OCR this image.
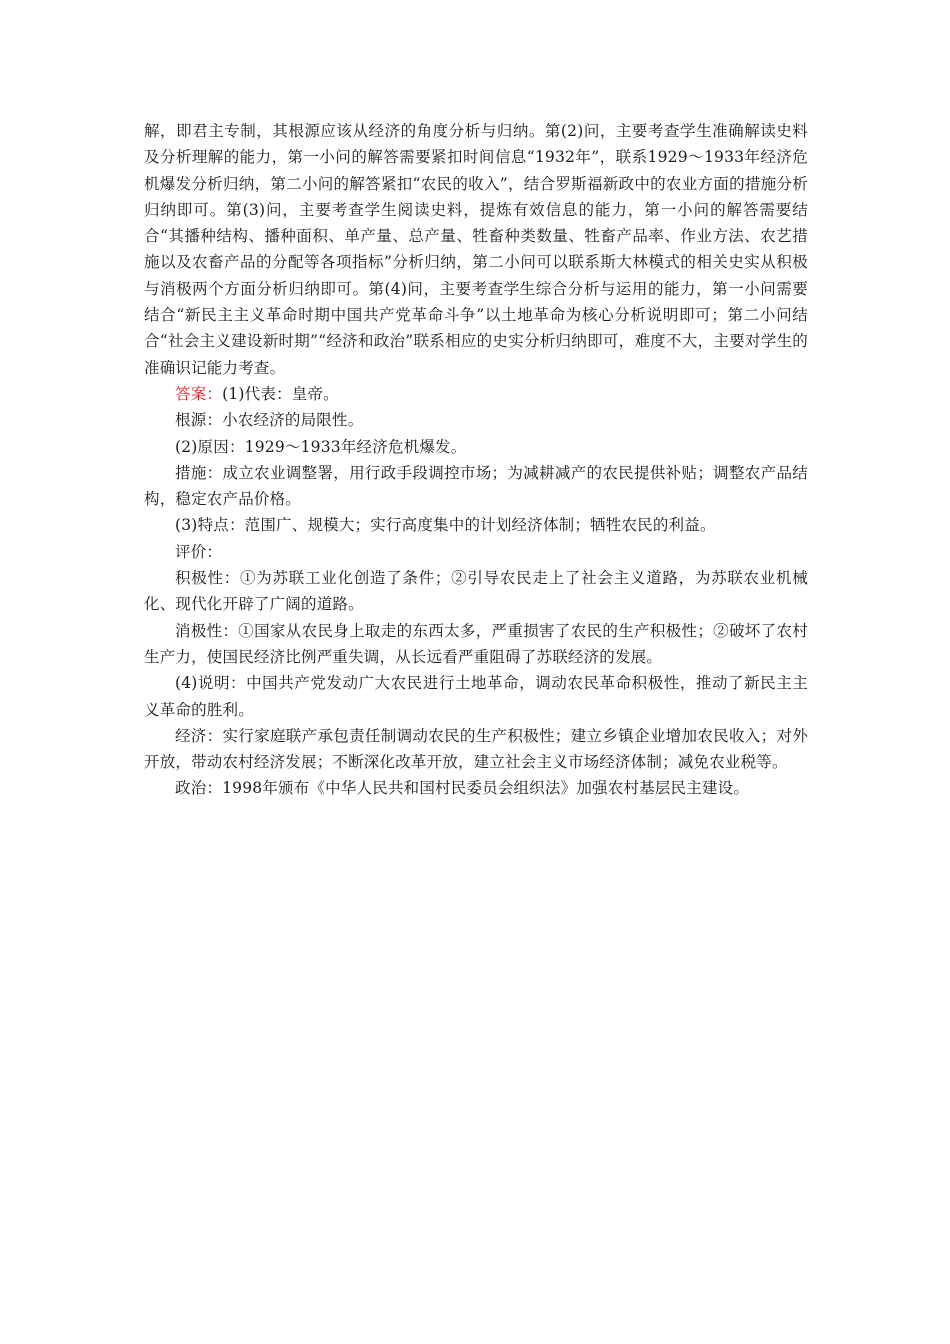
解，即君主专制，其根源应该从经济的角度分析与归纳。第(2)问，主要考查学生准确解读史料及分析理解的能力，第一小问的解答需要紧扣时间信息“1932年”，联系1929～1933年经济危机爆发分析归纳，第二小问的解答紧扣“农民的收入”，结合罗斯福新政中的农业方面的措施分析归纳即可。第(3)问，主要考查学生阅读史料，提炼有效信息的能力，第一小问的解答需要结合“其播种结构、播种面积、单产量、总产量、牲畜种类数量、牲畜产品率、作业方法、农艺措施以及农畜产品的分配等各项指标”分析归纳，第二小问可以联系斯大林模式的相关史实从积极与消极两个方面分析归纳即可。第(4)问，主要考查学生综合分析与运用的能力，第一小问需要结合“新民主主义革命时期中国共产党革命斗争”以土地革命为核心分析说明即可；第二小问结合“社会主义建设新时期”“经济和政治”联系相应的史实分析归纳即可，难度不大，主要对学生的准确识记能力考查。

答案：(1)代表：皇帝。

根源：小农经济的局限性。

(2)原因：1929～1933年经济危机爆发。

措施：成立农业调整署，用行政手段调控市场；为减耕减产的农民提供补贴；调整农产品结构，稳定农产品价格。

(3)特点：范围广、规模大；实行高度集中的计划经济体制；牺牲农民的利益。

评价：

积极性：①为苏联工业化创造了条件；②引导农民走上了社会主义道路，为苏联农业机械化、现代化开辟了广阔的道路。

消极性：①国家从农民身上取走的东西太多，严重损害了农民的生产积极性；②破坏了农村生产力，使国民经济比例严重失调，从长远看严重阻碍了苏联经济的发展。

(4)说明：中国共产党发动广大农民进行土地革命，调动农民革命积极性，推动了新民主主义革命的胜利。

经济：实行家庭联产承包责任制调动农民的生产积极性；建立乡镇企业增加农民收入；对外开放，带动农村经济发展；不断深化改革开放，建立社会主义市场经济体制；减免农业税等。

政治：1998年颁布《中华人民共和国村民委员会组织法》加强农村基层民主建设。
